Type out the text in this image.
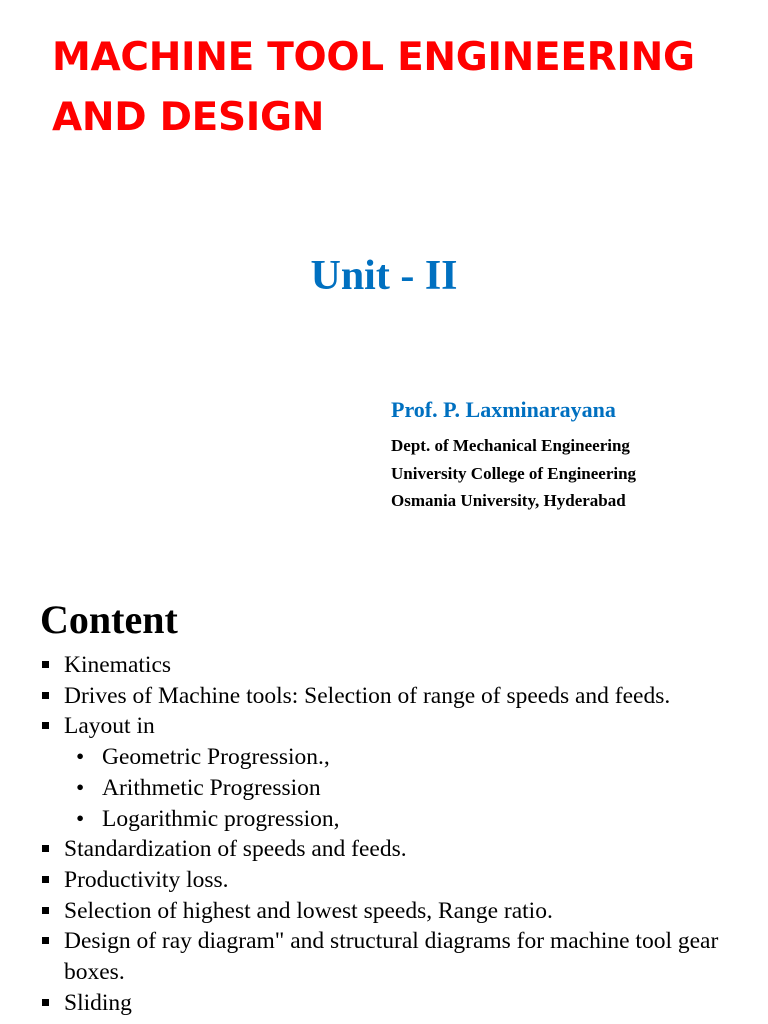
MACHINE TOOL ENGINEERING
AND DESIGN
Unit - II

Prof. P. Laxminarayana

Dept. of Mechanical Engineering

University College of Engineering

Osmania University, Hyderabad

Content
Kinematics
Drives of Machine tools: Selection of range of speeds and feeds.
Layout in
• Geometric Progression.,
• Arithmetic Progression
• Logarithmic progression,
Standardization of speeds and feeds.
Productivity loss.
Selection of highest and lowest speeds, Range ratio.
Design of ray diagram" and structural diagrams for machine tool gear boxes.
Sliding
